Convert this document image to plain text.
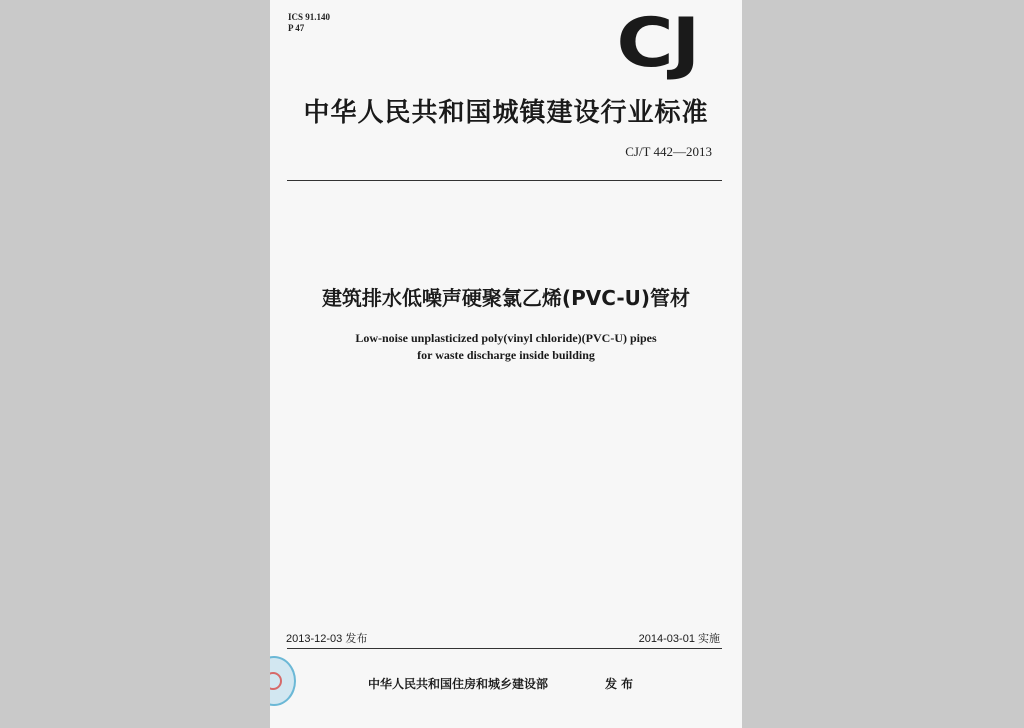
ICS 91.140
P 47	CJ
中华人民共和国城镇建设行业标准
CJ/T 442—2013
建筑排水低噪声硬聚氯乙烯(PVC-U)管材
Low-noise unplasticized poly(vinyl chloride)(PVC-U) pipes
for waste discharge inside building
2013-12-03 发布	2014-03-01 实施
中华人民共和国住房和城乡建设部	发布
